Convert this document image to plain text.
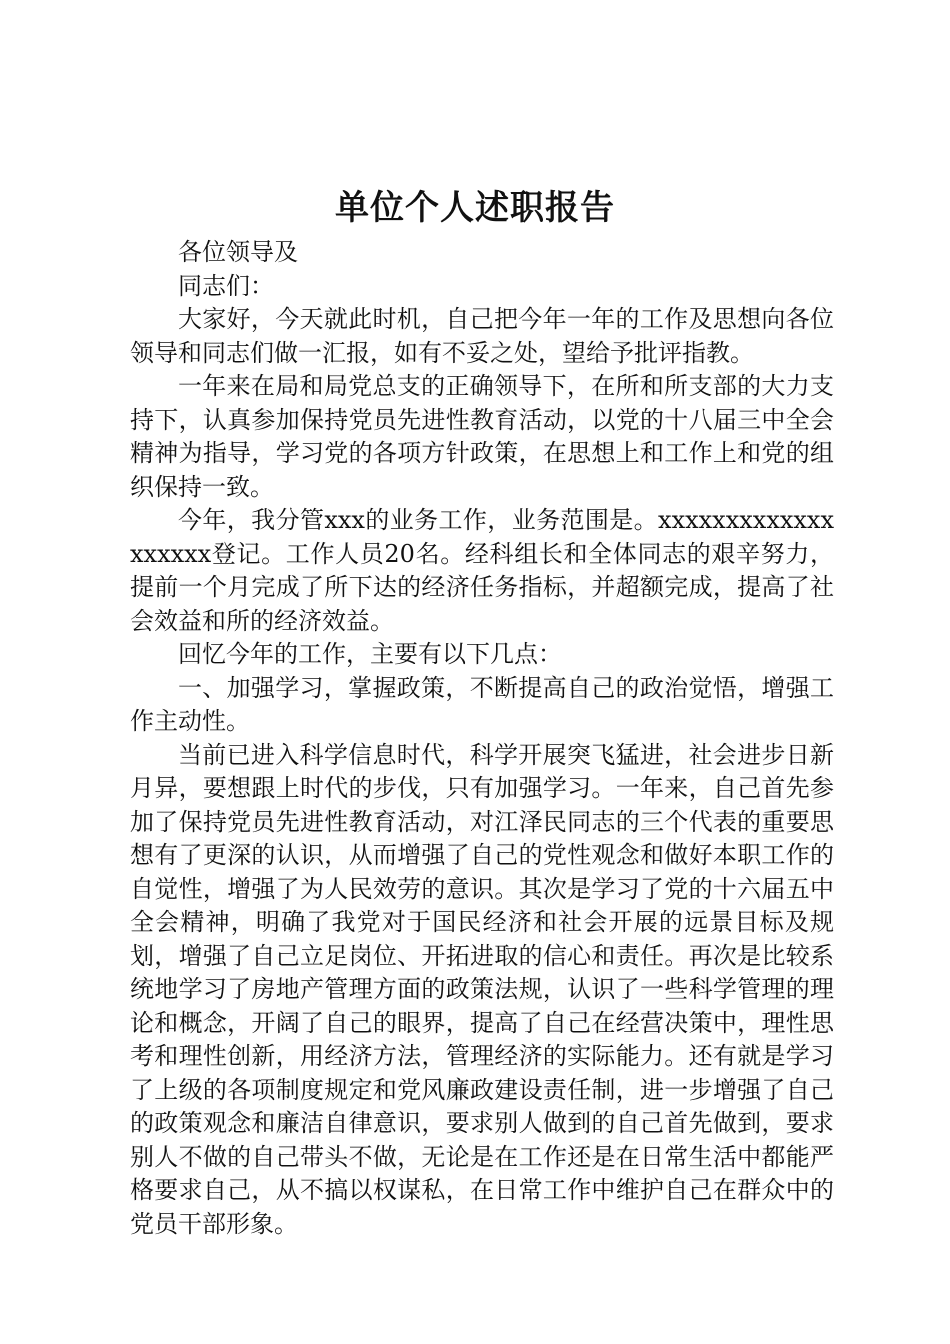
单位个人述职报告

各位领导及

同志们：

大家好，今天就此时机，自己把今年一年的工作及思想向各位领导和同志们做一汇报，如有不妥之处，望给予批评指教。

一年来在局和局党总支的正确领导下，在所和所支部的大力支持下，认真参加保持党员先进性教育活动，以党的十八届三中全会精神为指导，学习党的各项方针政策，在思想上和工作上和党的组织保持一致。

今年，我分管xxx的业务工作，业务范围是。xxxxxxxxxxxxxxxxxxx登记。工作人员20名。经科组长和全体同志的艰辛努力，提前一个月完成了所下达的经济任务指标，并超额完成，提高了社会效益和所的经济效益。

回忆今年的工作，主要有以下几点：

一、加强学习，掌握政策，不断提高自己的政治觉悟，增强工作主动性。

当前已进入科学信息时代，科学开展突飞猛进，社会进步日新月异，要想跟上时代的步伐，只有加强学习。一年来，自己首先参加了保持党员先进性教育活动，对江泽民同志的三个代表的重要思想有了更深的认识，从而增强了自己的党性观念和做好本职工作的自觉性，增强了为人民效劳的意识。其次是学习了党的十六届五中全会精神，明确了我党对于国民经济和社会开展的远景目标及规划，增强了自己立足岗位、开拓进取的信心和责任。再次是比较系统地学习了房地产管理方面的政策法规，认识了一些科学管理的理论和概念，开阔了自己的眼界，提高了自己在经营决策中，理性思考和理性创新，用经济方法，管理经济的实际能力。还有就是学习了上级的各项制度规定和党风廉政建设责任制，进一步增强了自己的政策观念和廉洁自律意识，要求别人做到的自己首先做到，要求别人不做的自己带头不做，无论是在工作还是在日常生活中都能严格要求自己，从不搞以权谋私，在日常工作中维护自己在群众中的党员干部形象。
